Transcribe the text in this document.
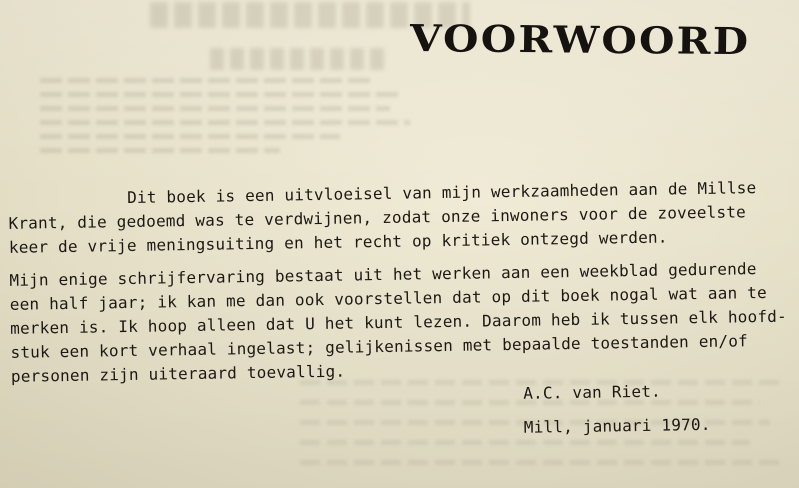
VOORWOORD
Dit boek is een uitvloeisel van mijn werkzaamheden aan de Millse
Krant, die gedoemd was te verdwijnen, zodat onze inwoners voor de zoveelste
keer de vrije meningsuiting en het recht op kritiek ontzegd werden.
Mijn enige schrijfervaring bestaat uit het werken aan een weekblad gedurende
een half jaar; ik kan me dan ook voorstellen dat op dit boek nogal wat aan te
merken is. Ik hoop alleen dat U het kunt lezen. Daarom heb ik tussen elk hoofd-
stuk een kort verhaal ingelast; gelijkenissen met bepaalde toestanden en/of
personen zijn uiteraard toevallig.
A.C. van Riet.
Mill, januari 1970.
